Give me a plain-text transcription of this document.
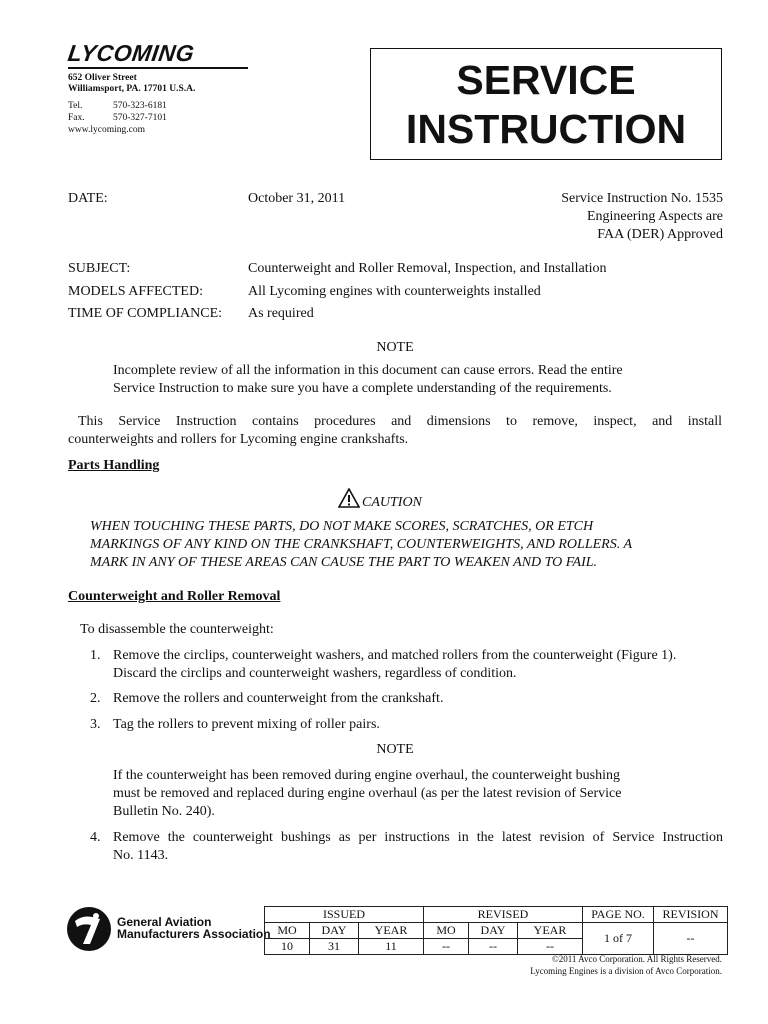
LYCOMING
652 Oliver Street
Williamsport, PA. 17701 U.S.A.
Tel.	570-323-6181
Fax.	570-327-7101
www.lycoming.com
SERVICE
INSTRUCTION
DATE:	October 31, 2011	Service Instruction No. 1535
Engineering Aspects are
FAA (DER) Approved
SUBJECT:	Counterweight and Roller Removal, Inspection, and Installation
MODELS AFFECTED:	All Lycoming engines with counterweights installed
TIME OF COMPLIANCE: As required
NOTE
Incomplete review of all the information in this document can cause errors. Read the entire
Service Instruction to make sure you have a complete understanding of the requirements.
This Service Instruction contains procedures and dimensions to remove, inspect, and install
counterweights and rollers for Lycoming engine crankshafts.
Parts Handling
CAUTION
WHEN TOUCHING THESE PARTS, DO NOT MAKE SCORES, SCRATCHES, OR ETCH
MARKINGS OF ANY KIND ON THE CRANKSHAFT, COUNTERWEIGHTS, AND ROLLERS. A
MARK IN ANY OF THESE AREAS CAN CAUSE THE PART TO WEAKEN AND TO FAIL.
Counterweight and Roller Removal
To disassemble the counterweight:
1. Remove the circlips, counterweight washers, and matched rollers from the counterweight (Figure 1).
Discard the circlips and counterweight washers, regardless of condition.
2. Remove the rollers and counterweight from the crankshaft.
3. Tag the rollers to prevent mixing of roller pairs.
NOTE
If the counterweight has been removed during engine overhaul, the counterweight bushing
must be removed and replaced during engine overhaul (as per the latest revision of Service
Bulletin No. 240).
4. Remove the counterweight bushings as per instructions in the latest revision of Service Instruction
No. 1143.
General Aviation
Manufacturers Association
ISSUED			REVISED			PAGE NO.	REVISION
MO	DAY	YEAR	MO	DAY	YEAR	1 of 7	--
10	31	11	--	--	--		
©2011 Avco Corporation. All Rights Reserved.
Lycoming Engines is a division of Avco Corporation.
